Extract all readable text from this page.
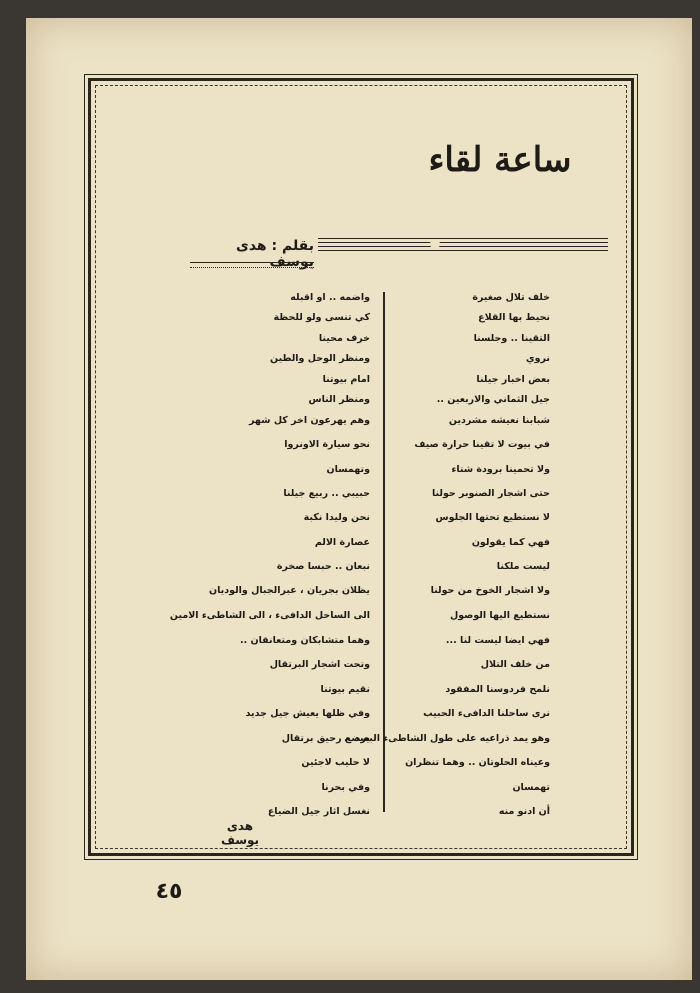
ساعة لقاء
بقلم : هدى يوسف
خلف تلال صغيرة
نحيط بها القلاع
التقينا .. وجلسنا
نروي
بعض اخبار جيلنا
جيل الثماني والاربعين ..
شبابنا نعيشه مشردين
في بيوت لا تقينا حرارة صيف
ولا تحمينا برودة شتاء
حتى اشجار الصنوبر حولنا
لا نستطيع تحتها الجلوس
فهي كما يقولون
ليست ملكنا
ولا اشجار الخوخ من حولنا
نستطيع اليها الوصول
فهي ايضا ليست لنا ...
من خلف التلال
نلمح فردوسنا المفقود
نرى ساحلنا الدافىء الحبيب
وهو يمد ذراعيه على طول الشاطىء البعيد ..
وعيناه الحلوتان .. وهما تنظران
تهمسان
أن ادنو منه
واضمه .. او اقبله
كي تنسى ولو للحظة
خرف محينا
ومنظر الوحل والطين
امام بيوتنا
ومنظر الناس
وهم يهرعون اخر كل شهر
نحو سيارة الاونروا
وتهمسان
حبيبي .. ربيع جيلنا
نحن وليدا نكبة
عصارة الالم
نبعان .. حبسا صخرة
يظلان بجريان ، عبرالجبال والوديان
الى الساحل الدافىء ، الى الشاطىء الامين
وهما متشابكان ومتعانقان ..
وتحت اشجار البرتقال
نقيم بيوتنا
وفي ظلها يعيش جيل جديد
يرضع رحيق برتقال
لا حليب لاجئين
وفي بحرنا
نغسل اثار جيل الضياع
هدى يوسف
٤٥
